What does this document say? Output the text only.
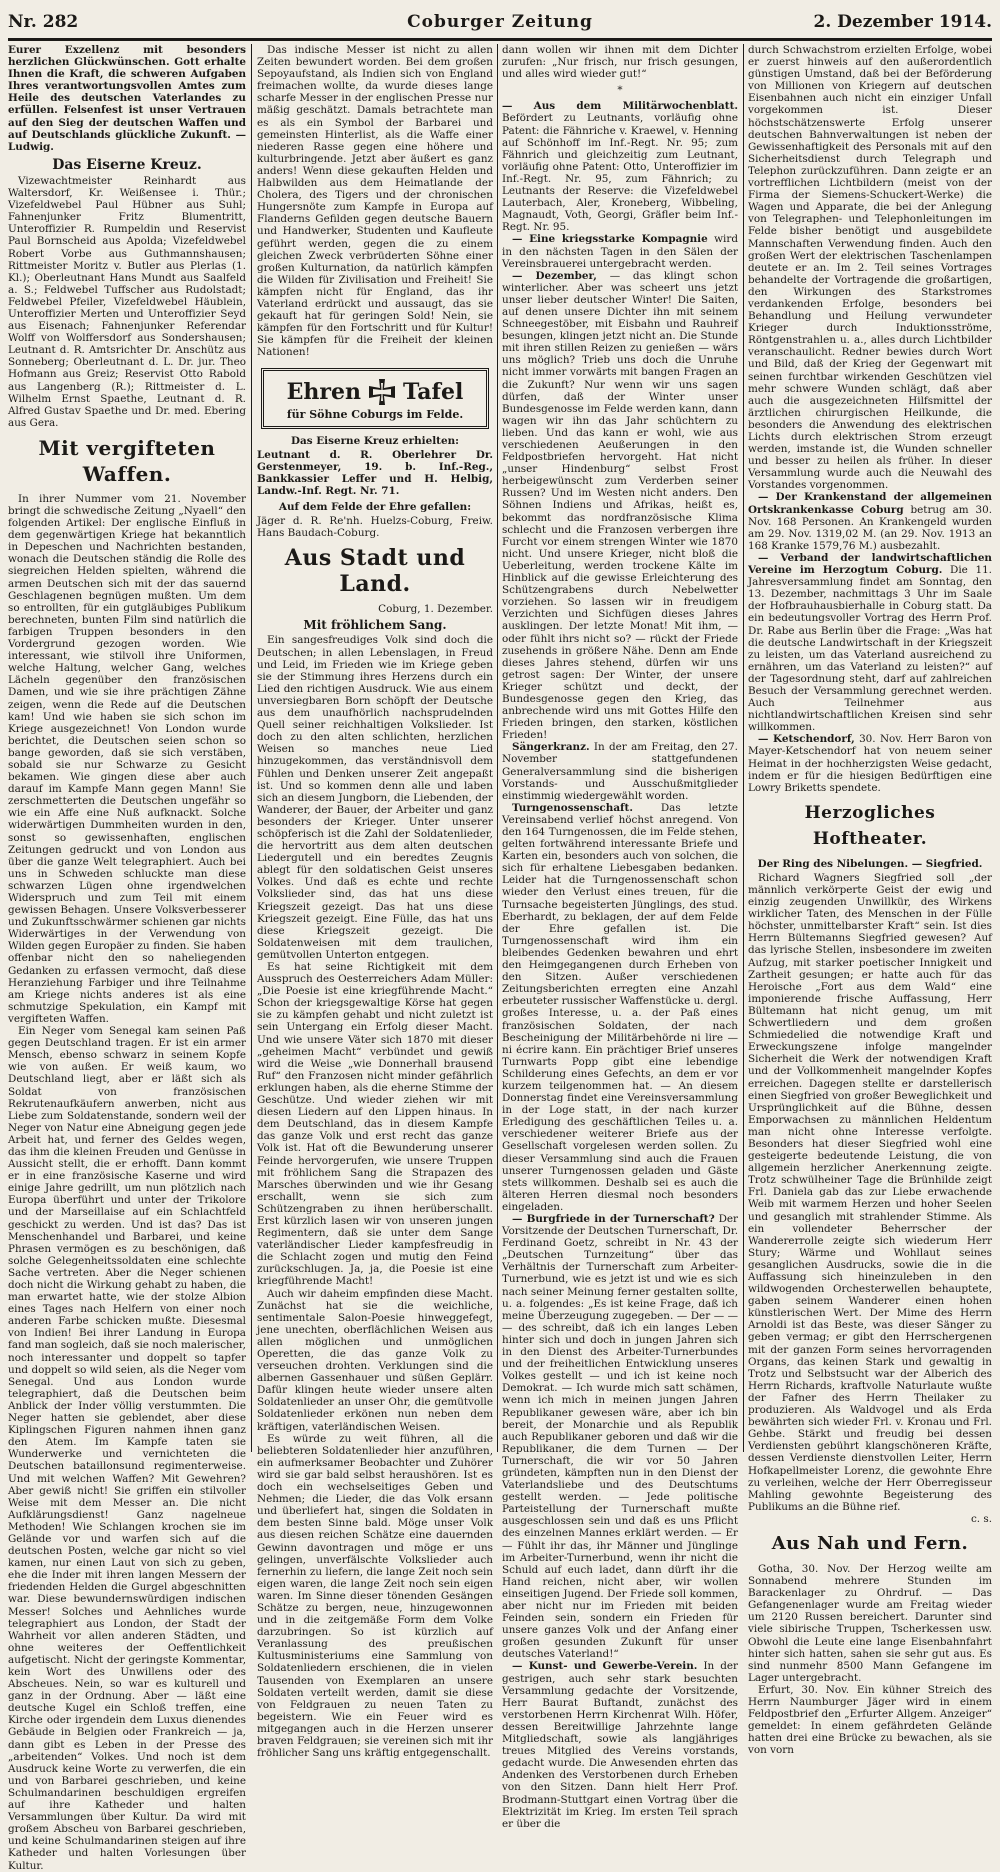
Nr. 282	Coburger Zeitung	2. Dezember 1914.

Eurer Exzellenz mit besonders herzlichen Glückwünschen. Gott erhalte Ihnen die Kraft, die schweren Aufgaben Ihres verantwortungsvollen Amtes zum Heile des deutschen Vaterlandes zu erfüllen. Felsenfest ist unser Vertrauen auf den Sieg der deutschen Waffen und auf Deutschlands glückliche Zukunft. — Ludwig.

Das Eiserne Kreuz.

Vizewachtmeister Reinhardt aus Waltersdorf, Kr. Weißensee i. Thür.; Vizefeldwebel Paul Hübner aus Suhl; Fahnenjunker Fritz Blumentritt, Unteroffizier R. Rumpeldin und Reservist Paul Bornscheid aus Apolda; Vizefeldwebel Robert Vorbe aus Guthmannshausen; Rittmeister Moritz v. Butler aus Plerlas (1. Kl.); Oberleutnant Hans Mundt aus Saalfeld a. S.; Feldwebel Tuffscher aus Rudolstadt; Feldwebel Pfeiler, Vizefeldwebel Häublein, Unteroffizier Merten und Unteroffizier Seyd aus Eisenach; Fahnenjunker Referendar Wolff von Wolffersdorf aus Sondershausen; Leutnant d. R. Amtsrichter Dr. Anschütz aus Sonneberg; Oberleutnant d. L. Dr. jur. Theo Hofmann aus Greiz; Reservist Otto Rabold aus Langenberg (R.); Rittmeister d. L. Wilhelm Ernst Spaethe, Leutnant d. R. Alfred Gustav Spaethe und Dr. med. Ebering aus Gera.

Mit vergifteten Waffen.

In ihrer Nummer vom 21. November bringt die schwedische Zeitung „Nyaell“ den folgenden Artikel: Der englische Einfluß in dem gegenwärtigen Kriege hat bekanntlich in Depeschen und Nachrichten bestanden, wonach die Deutschen ständig die Rolle des siegreichen Helden spielten, während die armen Deutschen sich mit der das sauernd Geschlagenen begnügen mußten. Um dem so entrollten, für ein gutgläubiges Publikum berechneten, bunten Film sind natürlich die farbigen Truppen besonders in den Vordergrund gezogen worden. Wie interessant, wie stilvoll ihre Uniformen, welche Haltung, welcher Gang, welches Lächeln gegenüber den französischen Damen, und wie sie ihre prächtigen Zähne zeigen, wenn die Rede auf die Deutschen kam! Und wie haben sie sich schon im Kriege ausgezeichnet! Von London wurde berichtet, die Deutschen seien schon so bange geworden, daß sie sich verstäben, sobald sie nur Schwarze zu Gesicht bekamen. Wie gingen diese aber auch darauf im Kampfe Mann gegen Mann! Sie zerschmetterten die Deutschen ungefähr so wie ein Affe eine Nuß aufknackt. Solche widerwärtigen Dummheiten wurden in den, sonst so gewissenhaften, englischen Zeitungen gedruckt und von London aus über die ganze Welt telegraphiert. Auch bei uns in Schweden schluckte man diese schwarzen Lügen ohne irgendwelchen Widerspruch und zum Teil mit einem gewissen Behagen. Unsere Volksverbesserer und Zukunftsschwärmer schienen gar nichts Widerwärtiges in der Verwendung von Wilden gegen Europäer zu finden. Sie haben offenbar nicht den so naheliegenden Gedanken zu erfassen vermocht, daß diese Heranziehung Farbiger und ihre Teilnahme am Kriege nichts anderes ist als eine schmutzige Spekulation, ein Kampf mit vergifteten Waffen.

Ein Neger vom Senegal kam seinen Paß gegen Deutschland tragen. Er ist ein armer Mensch, ebenso schwarz in seinem Kopfe wie von außen. Er weiß kaum, wo Deutschland liegt, aber er läßt sich als Soldat von französischen Rekrutenaufkäufern anwerben, nicht aus Liebe zum Soldatenstande, sondern weil der Neger von Natur eine Abneigung gegen jede Arbeit hat, und ferner des Geldes wegen, das ihm die kleinen Freuden und Genüsse in Aussicht stellt, die er erhofft. Dann kommt er in eine französische Kaserne und wird einige Jahre gedrillt, um nun plötzlich nach Europa überführt und unter der Trikolore und der Marseillaise auf ein Schlachtfeld geschickt zu werden. Und ist das? Das ist Menschenhandel und Barbarei, und keine Phrasen vermögen es zu beschönigen, daß solche Gelegenheitssoldaten eine schlechte Sache vertreten. Aber die Neger schienen doch nicht die Wirkung gehabt zu haben, die man erwartet hatte, wie der stolze Albion eines Tages nach Helfern von einer noch anderen Farbe schicken mußte. Diesesmal von Indien! Bei ihrer Landung in Europa fand man sogleich, daß sie noch malerischer, noch interessanter und doppelt so tapfer und doppelt so wild seien, als die Neger vom Senegal. Und aus London wurde telegraphiert, daß die Deutschen beim Anblick der Inder völlig verstummten. Die Neger hatten sie geblendet, aber diese Kiplingschen Figuren nahmen ihnen ganz den Atem. Im Kampfe taten sie Wunderwerke und vernichteten die Deutschen bataillonsund regimenterweise. Und mit welchen Waffen? Mit Gewehren? Aber gewiß nicht! Sie griffen ein stilvoller Weise mit dem Messer an. Die nicht Aufklärungsdienst! Ganz nagelneue Methoden! Wie Schlangen krochen sie im Gelände vor und warfen sich auf die deutschen Posten, welche gar nicht so viel kamen, nur einen Laut von sich zu geben, ehe die Inder mit ihren langen Messern der friedenden Helden die Gurgel abgeschnitten war. Diese bewundernswürdigen indischen Messer! Solches und Aehnliches wurde telegraphiert aus London, der Stadt der Wahrheit vor allen anderen Städten, und ohne weiteres der Oeffentlichkeit aufgetischt. Nicht der geringste Kommentar, kein Wort des Unwillens oder des Abscheues. Nein, so war es kulturell und ganz in der Ordnung. Aber — läßt eine deutsche Kugel ein Schloß treffen, eine Kirche oder irgendein dem Luxus dienendes Gebäude in Belgien oder Frankreich — ja, dann gibt es Leben in der Presse des „arbeitenden“ Volkes. Und noch ist dem Ausdruck keine Worte zu verwerfen, die ein und von Barbarei geschrieben, und keine Schulmandarinen beschuldigen ergreifen auf ihre Katheder und halten Versammlungen über Kultur. Da wird mit großem Abscheu von Barbarei geschrieben, und keine Schulmandarinen steigen auf ihre Katheder und halten Vorlesungen über Kultur.

Das indische Messer ist nicht zu allen Zeiten bewundert worden. Bei dem großen Sepoyaufstand, als Indien sich von England freimachen wollte, da wurde dieses lange scharfe Messer in der englischen Presse nur mäßig geschätzt. Damals betrachtete man es als ein Symbol der Barbarei und gemeinsten Hinterlist, als die Waffe einer niederen Rasse gegen eine höhere und kulturbringende. Jetzt aber äußert es ganz anders! Wenn diese gekauften Helden und Halbwilden aus dem Heimatlande der Cholera, des Tigers und der chronischen Hungersnöte zum Kampfe in Europa auf Flanderns Gefilden gegen deutsche Bauern und Handwerker, Studenten und Kaufleute geführt werden, gegen die zu einem gleichen Zweck verbrüderten Söhne einer großen Kulturnation, da natürlich kämpfen die Wilden für Zivilisation und Freiheit! Sie kämpfen nicht für England, das ihr Vaterland erdrückt und aussaugt, das sie gekauft hat für geringen Sold! Nein, sie kämpfen für den Fortschritt und für Kultur! Sie kämpfen für die Freiheit der kleinen Nationen!

Ehren Tafel
für Söhne Coburgs im Felde.
Das Eiserne Kreuz erhielten:

Leutnant d. R. Oberlehrer Dr. Gerstenmeyer, 19. b. Inf.-Reg., Bankkassier Leffer und H. Helbig, Landw.-Inf. Regt. Nr. 71.

Auf dem Felde der Ehre gefallen:

Jäger d. R. Re'nh. Huelzs-Coburg, Freiw. Hans Baudach-Coburg.

Aus Stadt und Land.
Coburg, 1. Dezember.
Mit fröhlichem Sang.

Ein sangesfreudiges Volk sind doch die Deutschen; in allen Lebenslagen, in Freud und Leid, im Frieden wie im Kriege geben sie der Stimmung ihres Herzens durch ein Lied den richtigen Ausdruck. Wie aus einem unversiegbaren Born schöpft der Deutsche aus dem unaufhörlich nachsprudelnden Quell seiner reichhaltigen Volkslieder. Ist doch zu den alten schlichten, herzlichen Weisen so manches neue Lied hinzugekommen, das verständnisvoll dem Fühlen und Denken unserer Zeit angepaßt ist. Und so kommen denn alle und laben sich an diesem Jungborn, die Liebenden, der Wanderer, der Bauer, der Arbeiter und ganz besonders der Krieger. Unter unserer schöpferisch ist die Zahl der Soldatenlieder, die hervortritt aus dem alten deutschen Liedergutell und ein beredtes Zeugnis ablegt für den soldatischen Geist unseres Volkes. Und daß es echte und rechte Volkslieder sind, das hat uns diese Kriegszeit gezeigt. Das hat uns diese Kriegszeit gezeigt. Eine Fülle, das hat uns diese Kriegszeit gezeigt. Die Soldatenweisen mit dem traulichen, gemütvollen Unterton entgegen.

Es hat seine Richtigkeit mit dem Ausspruch des Oesterreichers Adam Müller: „Die Poesie ist eine kriegführende Macht.“ Schon der kriegsgewaltige Körse hat gegen sie zu kämpfen gehabt und nicht zuletzt ist sein Untergang ein Erfolg dieser Macht. Und wie unsere Väter sich 1870 mit dieser „geheimen Macht“ verbündet und gewiß wird die Weise „wie Donnerhall brausend Ruf“ den Franzosen nicht minder gefährlich erklungen haben, als die eherne Stimme der Geschütze. Und wieder ziehen wir mit diesen Liedern auf den Lippen hinaus. In dem Deutschland, das in diesem Kampfe das ganze Volk und erst recht das ganze Volk ist. Hat oft die Bewunderung unserer Feinde hervorgerufen, wie unsere Truppen mit fröhlichem Sang die Strapazen des Marsches überwinden und wie ihr Gesang erschallt, wenn sie sich zum Schützengraben zu ihnen herüberschallt. Erst kürzlich lasen wir von unseren jungen Regimentern, daß sie unter dem Sange vaterländischer Lieder kampfesfreudig in die Schlacht zogen und mutig den Feind zurückschlugen. Ja, ja, die Poesie ist eine kriegführende Macht!

Auch wir daheim empfinden diese Macht. Zunächst hat sie die weichliche, sentimentale Salon-Poesie hinweggefegt, jene unechten, oberflächlichen Weisen aus allen möglichen und unmöglichen Operetten, die das ganze Volk zu verseuchen drohten. Verklungen sind die albernen Gassenhauer und süßen Geplärr. Dafür klingen heute wieder unsere alten Soldatenlieder an unser Ohr, die gemütvolle Soldatenlieder erkönen nun neben dem kräftigen, vaterländischen Weisen.

Es würde zu weit führen, all die beliebteren Soldatenlieder hier anzuführen, ein aufmerksamer Beobachter und Zuhörer wird sie gar bald selbst heraushören. Ist es doch ein wechselseitiges Geben und Nehmen; die Lieder, die das Volk ersann und überliefert hat, singen die Soldaten in dem besten Sinne bald. Möge unser Volk aus diesen reichen Schätze eine dauernden Gewinn davontragen und möge er uns gelingen, unverfälschte Volkslieder auch fernerhin zu liefern, die lange Zeit noch sein eigen waren, die lange Zeit noch sein eigen waren. Im Sinne dieser tönenden Gesängen Schätze zu bergen, neue, hinzugewonnen und in die zeitgemäße Form dem Volke darzubringen. So ist kürzlich auf Veranlassung des preußischen Kultusministeriums eine Sammlung von Soldatenliedern erschienen, die in vielen Tausenden von Exemplaren an unsere Soldaten verteilt werden, damit sie diese von Feldgrauen zu neuen Taten zu begeistern. Wie ein Feuer wird es mitgegangen auch in die Herzen unserer braven Feldgrauen; sie vereinen sich mit ihr fröhlicher Sang uns kräftig entgegenschallt.

dann wollen wir ihnen mit dem Dichter zurufen: „Nur frisch, nur frisch gesungen, und alles wird wieder gut!“

*

— Aus dem Militärwochenblatt. Befördert zu Leutnants, vorläufig ohne Patent: die Fähnriche v. Kraewel, v. Henning auf Schönhoff im Inf.-Regt. Nr. 95; zum Fähnrich und gleichzeitig zum Leutnant, vorläufig ohne Patent: Otto, Unteroffizier im Inf.-Regt. Nr. 95, zum Fähnrich; zu Leutnants der Reserve: die Vizefeldwebel Lauterbach, Aler, Kroneberg, Wibbeling, Magnaudt, Voth, Georgi, Gräfler beim Inf.-Regt. Nr. 95.

— Eine kriegsstarke Kompagnie wird in den nächsten Tagen in den Sälen der Vereinsbrauerei untergebracht werden.

— Dezember, — das klingt schon winterlicher. Aber was scheert uns jetzt unser lieber deutscher Winter! Die Saiten, auf denen unsere Dichter ihn mit seinem Schneegestöber, mit Eisbahn und Rauhreif besungen, klingen jetzt nicht an. Die Stunde mit ihren stillen Reizen zu genießen — wärs uns möglich? Trieb uns doch die Unruhe nicht immer vorwärts mit bangen Fragen an die Zukunft? Nur wenn wir uns sagen dürfen, daß der Winter unser Bundesgenosse im Felde werden kann, dann wagen wir ihn das Jahr schüchtern zu lieben. Und das kann er wohl, wie aus verschiedenen Aeußerungen in den Feldpostbriefen hervorgeht. Hat nicht „unser Hindenburg“ selbst Frost herbeigewünscht zum Verderben seiner Russen? Und im Westen nicht anders. Den Söhnen Indiens und Afrikas, heißt es, bekommt das nordfranzösische Klima schlecht und die Franzosen verbergen ihre Furcht vor einem strengen Winter wie 1870 nicht. Und unsere Krieger, nicht bloß die Ueberleitung, werden trockene Kälte im Hinblick auf die gewisse Erleichterung des Schützengrabens durch Nebelwetter vorziehen. So lassen wir in freudigem Verzichten und Sichfügen dieses Jahres ausklingen. Der letzte Monat! Mit ihm, — oder fühlt ihrs nicht so? — rückt der Friede zusehends in größere Nähe. Denn am Ende dieses Jahres stehend, dürfen wir uns getrost sagen: Der Winter, der unsere Krieger schützt und deckt, der Bundesgenosse gegen den Krieg, das anbrechende wird uns mit Gottes Hilfe den Frieden bringen, den starken, köstlichen Frieden!

Sängerkranz. In der am Freitag, den 27. November stattgefundenen Generalversammlung sind die bisherigen Vorstands- und Ausschußmitglieder einstimmig wiedergewählt worden.

Turngenossenschaft.	Das letzte Vereinsabend verlief höchst anregend. Von den 164 Turngenossen, die im Felde stehen, gelten fortwährend interessante Briefe und Karten ein, besonders auch von solchen, die sich für erhaltene Liebesgaben bedanken. Leider hat die Turngenossenschaft schon wieder den Verlust eines treuen, für die Turnsache begeisterten Jünglings, des stud. Eberhardt, zu beklagen, der auf dem Felde der Ehre gefallen ist. Die Turngenossenschaft wird ihm ein bleibendes Gedenken bewahren und ehrt den Heimgegangenen durch Erheben von den Sitzen. Außer verschiedenen Zeitungsberichten erregten eine Anzahl erbeuteter russischer Waffenstücke u. dergl. großes Interesse, u. a. der Paß eines französischen Soldaten, der nach Bescheinigung der Militärbehörde ni lire — ni écrire kann. Ein prächtiger Brief unseres Turnwarts Popp gibt eine lebendige Schilderung eines Gefechts, an dem er vor kurzem teilgenommen hat. — An diesem Donnerstag findet eine Vereinsversammlung in der Loge statt, in der nach kurzer Erledigung des geschäftlichen Teiles u. a. verschiedener weiterer Briefe aus der Gesellschaft vorgelesen werden sollen. Zu dieser Versammlung sind auch die Frauen unserer Turngenossen geladen und Gäste stets willkommen. Deshalb sei es auch die älteren Herren diesmal noch besonders eingeladen.

— Burgfriede in der Turnerschaft? Der Vorsitzende der Deutschen Turnerschaft, Dr. Ferdinand Goetz, schreibt in Nr. 43 der „Deutschen Turnzeitung“ über das Verhältnis der Turnerschaft zum Arbeiter-Turnerbund, wie es jetzt ist und wie es sich nach seiner Meinung ferner gestalten sollte, u. a. folgendes: „Es ist keine Frage, daß ich meine Überzeugung zugegeben. — Der — — — des schreibt, daß ich ein langes Leben hinter sich und doch in jungen Jahren sich in den Dienst des Arbeiter-Turnerbundes und der freiheitlichen Entwicklung unseres Volkes gestellt — und ich ist keine noch Demokrat. — Ich wurde mich satt schämen, wenn ich mich in meinen jungen Jahren Republikaner gewesen wäre, aber ich bin bereit, der Monarchie und als Republik auch Republikaner geboren und daß wir die Republikaner, die dem Turnen — Der Turnerschaft, die wir vor 50 Jahren gründeten, kämpften nun in den Dienst der Vaterlandsliebe und des Deutschtums gestellt werden. — Jede politische Parteistellung der Turnerschaft mußte ausgeschlossen sein und daß es uns Pflicht des einzelnen Mannes erklärt werden. — Er — Fühlt ihr das, ihr Männer und Jünglinge im Arbeiter-Turnerbund, wenn ihr nicht die Schuld auf euch ladet, dann dürft ihr die Hand reichen, nicht aber, wir wollen einseitigen Jugend. Der Friede soll kommen, aber nicht nur im Frieden mit beiden Feinden sein, sondern ein Frieden für unsere ganzes Volk und der Anfang einer großen gesunden Zukunft für unser deutsches Vaterland!“

— Kunst- und Gewerbe-Verein. In der gestrigen, auch sehr stark besuchten Versammlung gedachte der Vorsitzende, Herr Baurat Buftandt, zunächst des verstorbenen Herrn Kirchenrat Wilh. Höfer, dessen Bereitwillige Jahrzehnte lange Mitgliedschaft, sowie als langjähriges treues Mitglied des Vereins vorstands, gedacht wurde. Die Anwesenden ehrten das Andenken des Verstorbenen durch Erheben von den Sitzen. Dann hielt Herr Prof. Brodmann-Stuttgart einen Vortrag über die Elektrizität im Krieg. Im ersten Teil sprach er über die

durch Schwachstrom erzielten Erfolge, wobei er zuerst hinweis auf den außerordentlich günstigen Umstand, daß bei der Beförderung von Millionen von Kriegern auf deutschen Eisenbahnen auch nicht ein einziger Unfall vorgekommen ist. Dieser höchstschätzenswerte Erfolg unserer deutschen Bahnverwaltungen ist neben der Gewissenhaftigkeit des Personals mit auf den Sicherheitsdienst durch Telegraph und Telephon zurückzuführen. Dann zeigte er an vortrefflichen Lichtbildern (meist von der Firma der Siemens-Schuckert-Werke) die Wagen und Apparate, die bei der Anlegung von Telegraphen- und Telephonleitungen im Felde bisher benötigt und ausgebildete Mannschaften Verwendung finden. Auch den großen Wert der elektrischen Taschenlampen deutete er an. Im 2. Teil seines Vortrages behandelte der Vortragende die großartigen, den Wirkungen des Starkstromes verdankenden Erfolge, besonders bei Behandlung und Heilung verwundeter Krieger durch Induktionsströme, Röntgenstrahlen u. a., alles durch Lichtbilder veranschaulicht. Redner bewies durch Wort und Bild, daß der Krieg der Gegenwart mit seinen furchtbar wirkenden Geschützen viel mehr schwere Wunden schlägt, daß aber auch die ausgezeichneten Hilfsmittel der ärztlichen chirurgischen Heilkunde, die besonders die Anwendung des elektrischen Lichts durch elektrischen Strom erzeugt werden, imstande ist, die Wunden schneller und besser zu heilen als früher. In dieser Versammlung wurde auch die Neuwahl des Vorstandes vorgenommen.

— Der Krankenstand der allgemeinen Ortskrankenkasse Coburg betrug am 30. Nov. 168 Personen. An Krankengeld wurden am 29. Nov. 1319,02 M. (an 29. Nov. 1913 an 168 Kranke 1579,76 M.) ausbezahlt.

— Verband der landwirtschaftlichen Vereine im Herzogtum Coburg. Die 11. Jahresversammlung findet am Sonntag, den 13. Dezember, nachmittags 3 Uhr im Saale der Hofbrauhausbierhalle in Coburg statt. Da ein bedeutungsvoller Vortrag des Herrn Prof. Dr. Rabe aus Berlin über die Frage: „Was hat die deutsche Landwirtschaft in der Kriegszeit zu leisten, um das Vaterland ausreichend zu ernähren, um das Vaterland zu leisten?“ auf der Tagesordnung steht, darf auf zahlreichen Besuch der Versammlung gerechnet werden. Auch Teilnehmer aus nichtlandwirtschaftlichen Kreisen sind sehr willkommen.

— Ketschendorf, 30. Nov. Herr Baron von Mayer-Ketschendorf hat von neuem seiner Heimat in der hochherzigsten Weise gedacht, indem er für die hiesigen Bedürftigen eine Lowry Briketts spendete.

Herzogliches Hoftheater.
Der Ring des Nibelungen. — Siegfried.

Richard Wagners Siegfried soll „der männlich verkörperte Geist der ewig und einzig zeugenden Unwillkür, des Wirkens wirklicher Taten, des Menschen in der Fülle höchster, unmittelbarster Kraft“ sein. Ist dies Herrn Bültemanns Siegfried gewesen? Auf das lyrische Stellen, insbesondere im zweiten Aufzug, mit starker poetischer Innigkeit und Zartheit gesungen; er hatte auch für das Heroische „Fort aus dem Wald“ eine imponierende frische Auffassung, Herr Bültemann hat nicht genug, um mit Schwertliedern und dem großen Schmiedelied die notwendige Kraft und Erweckungszene infolge mangelnder Sicherheit die Werk der notwendigen Kraft und der Vollkommenheit mangelnder Kopfes erreichen. Dagegen stellte er darstellerisch einen Siegfried von großer Beweglichkeit und Ursprünglichkeit auf die Bühne, dessen Emporwachsen zu männlichen Heldentum man nicht ohne Interesse verfolgte. Besonders hat dieser Siegfried wohl eine gesteigerte bedeutende Leistung, die von allgemein herzlicher Anerkennung zeigte. Trotz schwülheiner Tage die Brünhilde zeigt Frl. Daniela gab das zur Liebe erwachende Weib mit warmem Herzen und hoher Seelen und gesanglich mit strahlender Stimme. Als ein vollendeter Beherrscher der Wandererrolle zeigte sich wiederum Herr Stury; Wärme und Wohllaut seines gesanglichen Ausdrucks, sowie die in die Auffassung sich hineinzuleben in den wildwogenden Orchesterwellen behauptete, gaben seinem Wanderer einen hohen künstlerischen Wert. Der Mime des Herrn Arnoldi ist das Beste, was dieser Sänger zu geben vermag; er gibt den Herrschergenen mit der ganzen Form seines hervorragenden Organs, das keinen Stark und gewaltig in Trotz und Selbstsucht war der Alberich des Herrn Richards, kraftvolle Naturlaute wußte der Fafner des Herrn Theilaker zu produzieren. Als Waldvogel und als Erda bewährten sich wieder Frl. v. Kronau und Frl. Gehbe. Stärkt und freudig bei dessen Verdiensten gebührt klangschöneren Kräfte, dessen Verdienste dienstvollen Leiter, Herrn Hofkapellmeister Lorenz, die gewohnte Ehre zu verleihen, welche der Herr Oberregisseur Mahling gewohnte Begeisterung des Publikums an die Bühne rief.

c. s.
Aus Nah und Fern.

Gotha, 30. Nov. Der Herzog weilte am Sonnabend mehrere Stunden im Barackenlager zu Ohrdruf. — Das Gefangenenlager wurde am Freitag wieder um 2120 Russen bereichert. Darunter sind viele sibirische Truppen, Tscherkessen usw. Obwohl die Leute eine lange Eisenbahnfahrt hinter sich hatten, sahen sie sehr gut aus. Es sind nunmehr 8500 Mann Gefangene im Lager untergebracht.

Erfurt, 30. Nov. Ein kühner Streich des Herrn Naumburger Jäger wird in einem Feldpostbrief den „Erfurter Allgem. Anzeiger“ gemeldet: In einem gefährdeten Gelände hatten drei eine Brücke zu bewachen, als sie von vorn
